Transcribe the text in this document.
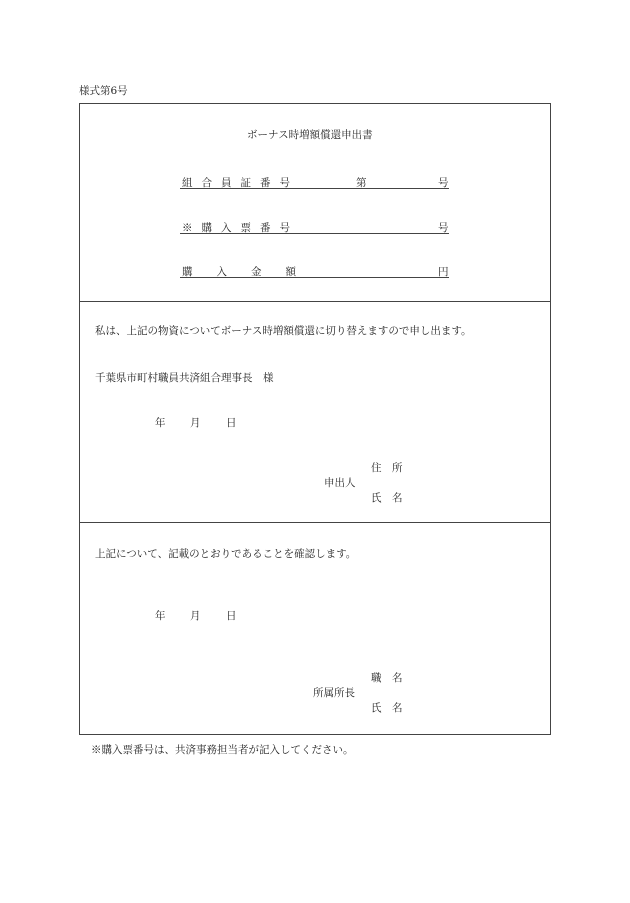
様式第6号
ボーナス時増額償還申出書
組合員証番号	第	号
※購入票番号	号
購入金額	円
私は、上記の物資についてボーナス時増額償還に切り替えますので申し出ます。
千葉県市町村職員共済組合理事長　様
年 月 日
住　所
申出人
氏　名
上記について、記載のとおりであることを確認します。
年 月 日
職　名
所属所長
氏　名
※購入票番号は、共済事務担当者が記入してください。
